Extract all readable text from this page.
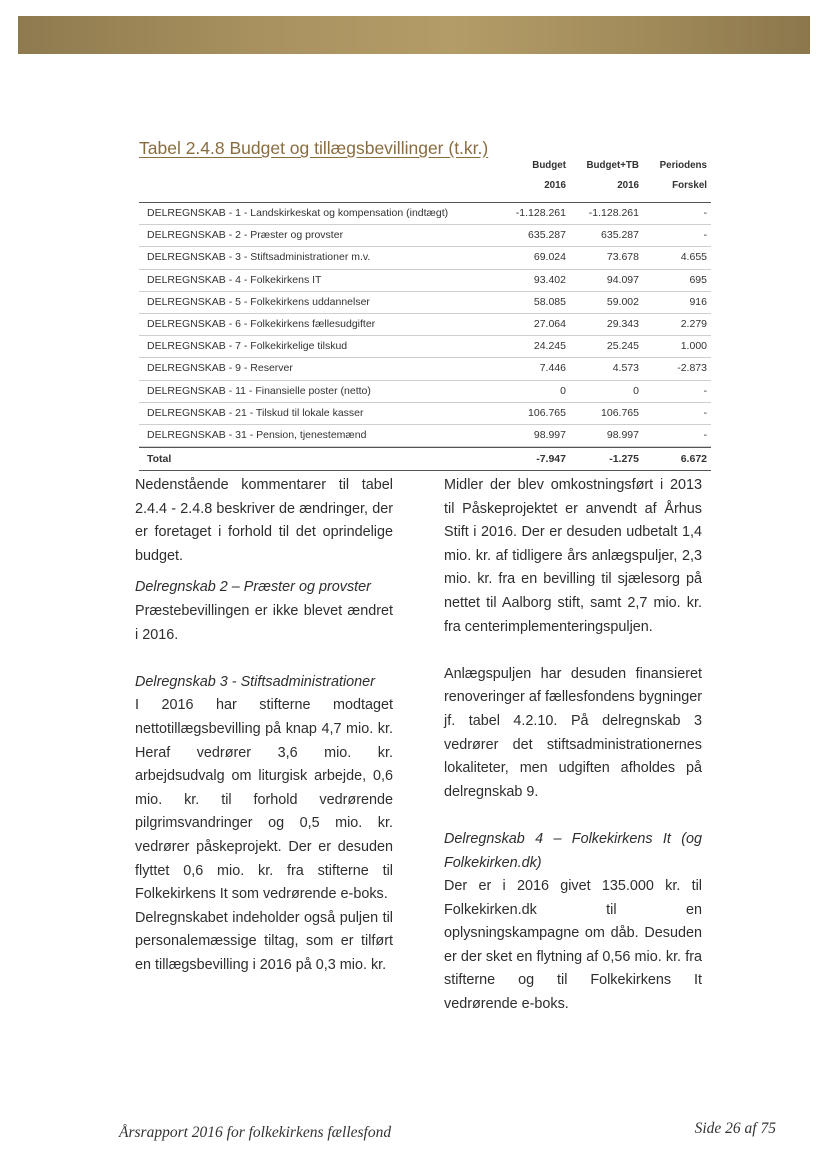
Tabel 2.4.8 Budget og tillægsbevillinger (t.kr.)
Budget Budget+TB Periodens
2016	2016	Forskel
DELREGNSKAB - 1 - Landskirkeskat og kompensation (indtægt)	-1.128.261 -1.128.261	-
DELREGNSKAB - 2 - Præster og provster	635.287	635.287	-
DELREGNSKAB - 3 - Stiftsadministrationer m.v.	69.024	73.678	4.655
DELREGNSKAB - 4 - Folkekirkens IT	93.402	94.097	695
DELREGNSKAB - 5 - Folkekirkens uddannelser	58.085	59.002	916
DELREGNSKAB - 6 - Folkekirkens fællesudgifter	27.064	29.343	2.279
DELREGNSKAB - 7 - Folkekirkelige tilskud	24.245	25.245	1.000
DELREGNSKAB - 9 - Reserver	7.446	4.573	-2.873
DELREGNSKAB - 11 - Finansielle poster (netto)	0	0	-
DELREGNSKAB - 21 - Tilskud til lokale kasser	106.765	106.765	-
DELREGNSKAB - 31 - Pension, tjenestemænd	98.997	98.997	-
Total	-7.947	-1.275	6.672

Nedenstående kommentarer til tabel 2.4.4 - 2.4.8 beskriver de ændringer, der er foretaget i forhold til det oprindelige budget.

Delregnskab 2 – Præster og provster

Præstebevillingen er ikke blevet ændret i 2016.

Delregnskab 3 - Stiftsadministrationer

I 2016 har stifterne modtaget nettotillægsbevilling på knap 4,7 mio. kr. Heraf vedrører 3,6 mio. kr. arbejdsudvalg om liturgisk arbejde, 0,6 mio. kr. til forhold vedrørende pilgrimsvandringer og 0,5 mio. kr. vedrører påskeprojekt. Der er desuden flyttet 0,6 mio. kr. fra stifterne til Folkekirkens It som vedrørende e-boks.

Delregnskabet indeholder også puljen til personalemæssige tiltag, som er tilført en tillægsbevilling i 2016 på 0,3 mio. kr.

Midler der blev omkostningsført i 2013 til Påskeprojektet er anvendt af Århus Stift i 2016. Der er desuden udbetalt 1,4 mio. kr. af tidligere års anlægspuljer, 2,3 mio. kr. fra en bevilling til sjælesorg på nettet til Aalborg stift, samt 2,7 mio. kr. fra centerimplementeringspuljen.

Anlægspuljen har desuden finansieret renoveringer af fællesfondens bygninger jf. tabel 4.2.10. På delregnskab 3 vedrører det stiftsadministrationernes lokaliteter, men udgiften afholdes på delregnskab 9.

Delregnskab 4 – Folkekirkens It (og Folkekirken.dk)

Der er i 2016 givet 135.000 kr. til Folkekirken.dk til en oplysningskampagne om dåb. Desuden er der sket en flytning af 0,56 mio. kr. fra stifterne og til Folkekirkens It vedrørende e-boks.

Årsrapport 2016 for folkekirkens fællesfond	Side 26 af 75
